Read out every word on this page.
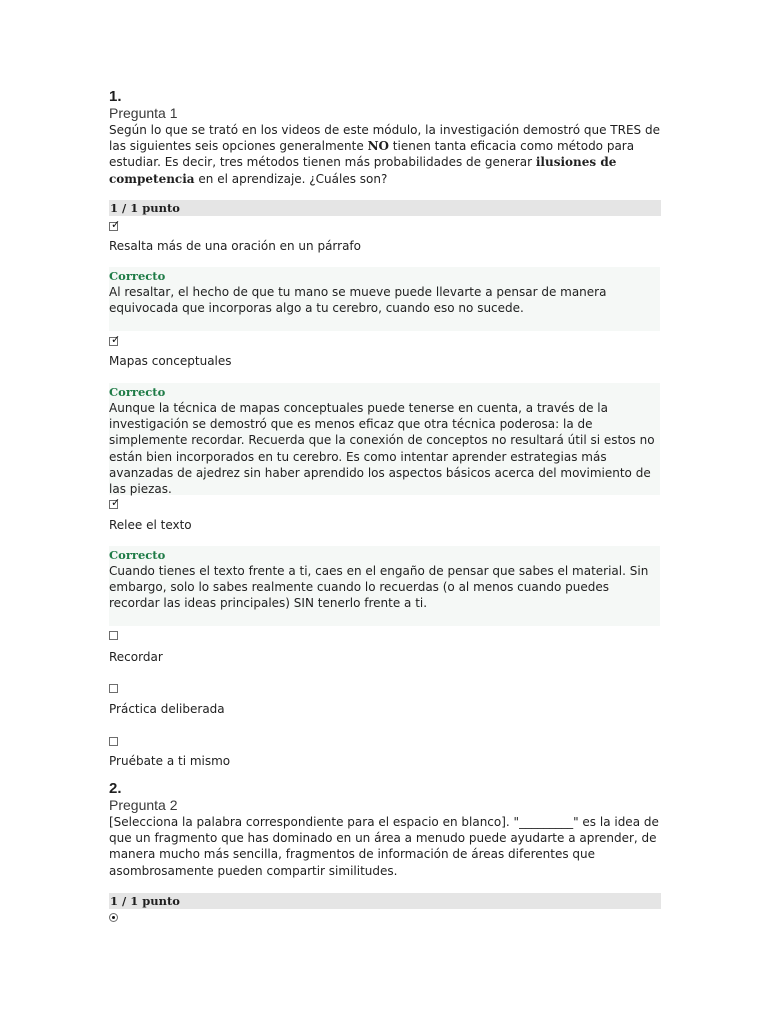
1.
Pregunta 1
Según lo que se trató en los videos de este módulo, la investigación demostró que TRES de las siguientes seis opciones generalmente NO tienen tanta eficacia como método para estudiar. Es decir, tres métodos tienen más probabilidades de generar ilusiones de competencia en el aprendizaje. ¿Cuáles son?
1 / 1 punto
✓
Resalta más de una oración en un párrafo
Correcto
Al resaltar, el hecho de que tu mano se mueve puede llevarte a pensar de manera equivocada que incorporas algo a tu cerebro, cuando eso no sucede.
✓
Mapas conceptuales
Correcto
Aunque la técnica de mapas conceptuales puede tenerse en cuenta, a través de la investigación se demostró que es menos eficaz que otra técnica poderosa: la de simplemente recordar. Recuerda que la conexión de conceptos no resultará útil si estos no están bien incorporados en tu cerebro. Es como intentar aprender estrategias más avanzadas de ajedrez sin haber aprendido los aspectos básicos acerca del movimiento de las piezas.
✓
Relee el texto
Correcto
Cuando tienes el texto frente a ti, caes en el engaño de pensar que sabes el material. Sin embargo, solo lo sabes realmente cuando lo recuerdas (o al menos cuando puedes recordar las ideas principales) SIN tenerlo frente a ti.
Recordar
Práctica deliberada
Pruébate a ti mismo
2.
Pregunta 2
[Selecciona la palabra correspondiente para el espacio en blanco]. "_________" es la idea de que un fragmento que has dominado en un área a menudo puede ayudarte a aprender, de manera mucho más sencilla, fragmentos de información de áreas diferentes que asombrosamente pueden compartir similitudes.
1 / 1 punto
